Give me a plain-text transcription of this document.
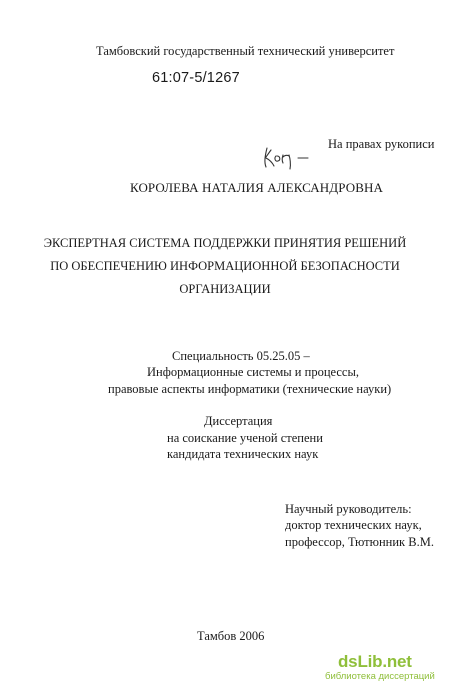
Тамбовский государственный технический университет
61:07-5/1267
На правах рукописи
КОРОЛЕВА НАТАЛИЯ АЛЕКСАНДРОВНА
ЭКСПЕРТНАЯ СИСТЕМА ПОДДЕРЖКИ ПРИНЯТИЯ РЕШЕНИЙ
ПО ОБЕСПЕЧЕНИЮ ИНФОРМАЦИОННОЙ БЕЗОПАСНОСТИ
ОРГАНИЗАЦИИ
Специальность 05.25.05 –
Информационные системы и процессы,
правовые аспекты информатики (технические науки)
Диссертация
на соискание ученой степени
кандидата технических наук
Научный руководитель:
доктор технических наук,
профессор, Тютюнник В.М.
Тамбов 2006
dsLib.net
библиотека диссертаций
